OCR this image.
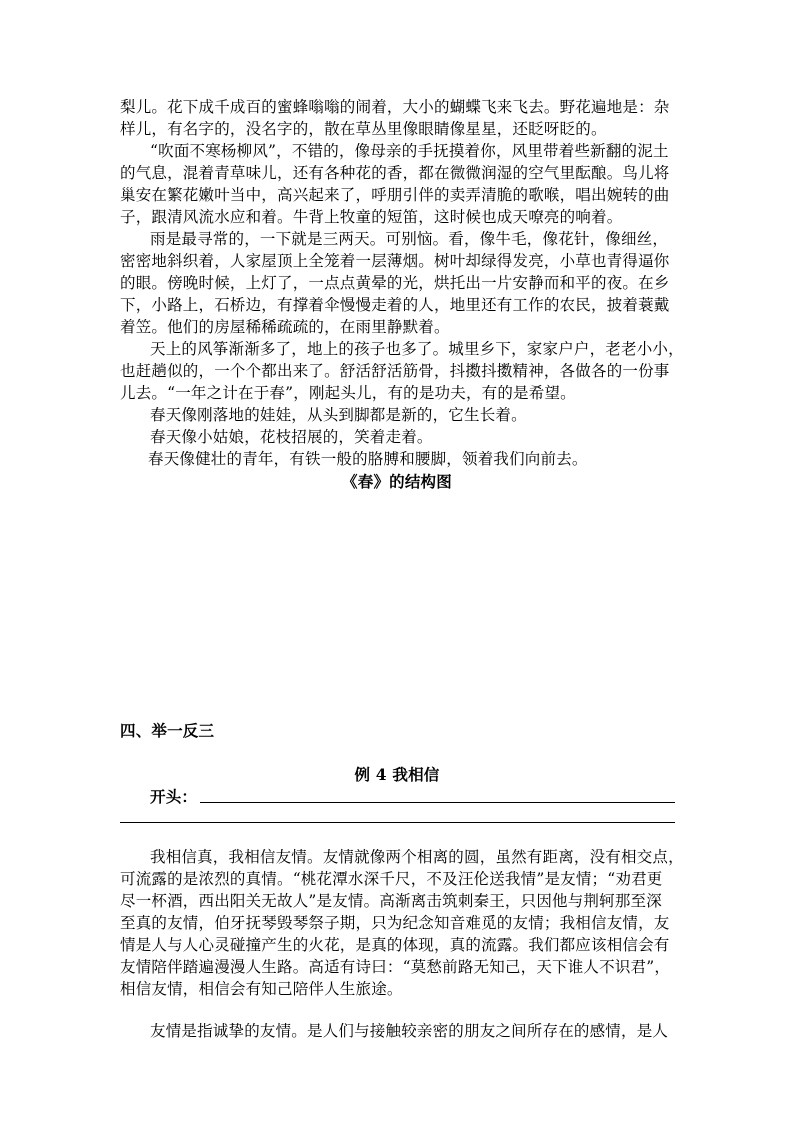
梨儿。花下成千成百的蜜蜂嗡嗡的闹着，大小的蝴蝶飞来飞去。野花遍地是：杂
样儿，有名字的，没名字的，散在草丛里像眼睛像星星，还眨呀眨的。
“吹面不寒杨柳风”，不错的，像母亲的手抚摸着你，风里带着些新翻的泥土
的气息，混着青草味儿，还有各种花的香，都在微微润湿的空气里酝酿。鸟儿将
巢安在繁花嫩叶当中，高兴起来了，呼朋引伴的卖弄清脆的歌喉，唱出婉转的曲
子，跟清风流水应和着。牛背上牧童的短笛，这时候也成天嘹亮的响着。
雨是最寻常的，一下就是三两天。可别恼。看，像牛毛，像花针，像细丝，
密密地斜织着，人家屋顶上全笼着一层薄烟。树叶却绿得发亮，小草也青得逼你
的眼。傍晚时候，上灯了，一点点黄晕的光，烘托出一片安静而和平的夜。在乡
下，小路上，石桥边，有撑着伞慢慢走着的人，地里还有工作的农民，披着蓑戴
着笠。他们的房屋稀稀疏疏的，在雨里静默着。
天上的风筝渐渐多了，地上的孩子也多了。城里乡下，家家户户，老老小小，
也赶趟似的，一个个都出来了。舒活舒活筋骨，抖擞抖擞精神，各做各的一份事
儿去。“一年之计在于春”，刚起头儿，有的是功夫，有的是希望。
春天像刚落地的娃娃，从头到脚都是新的，它生长着。
春天像小姑娘，花枝招展的，笑着走着。
春天像健壮的青年，有铁一般的胳膊和腰脚，领着我们向前去。
《春》的结构图
四、举一反三
例 4 我相信
开头：
我相信真，我相信友情。友情就像两个相离的圆，虽然有距离，没有相交点，
可流露的是浓烈的真情。“桃花潭水深千尺，不及汪伦送我情”是友情；“劝君更
尽一杯酒，西出阳关无故人”是友情。高渐离击筑刺秦王，只因他与荆轲那至深
至真的友情，伯牙抚琴毁琴祭子期，只为纪念知音难觅的友情；我相信友情，友
情是人与人心灵碰撞产生的火花，是真的体现，真的流露。我们都应该相信会有
友情陪伴踏遍漫漫人生路。高适有诗曰：“莫愁前路无知己，天下谁人不识君”，
相信友情，相信会有知己陪伴人生旅途。
友情是指诚挚的友情。是人们与接触较亲密的朋友之间所存在的感情，是人
